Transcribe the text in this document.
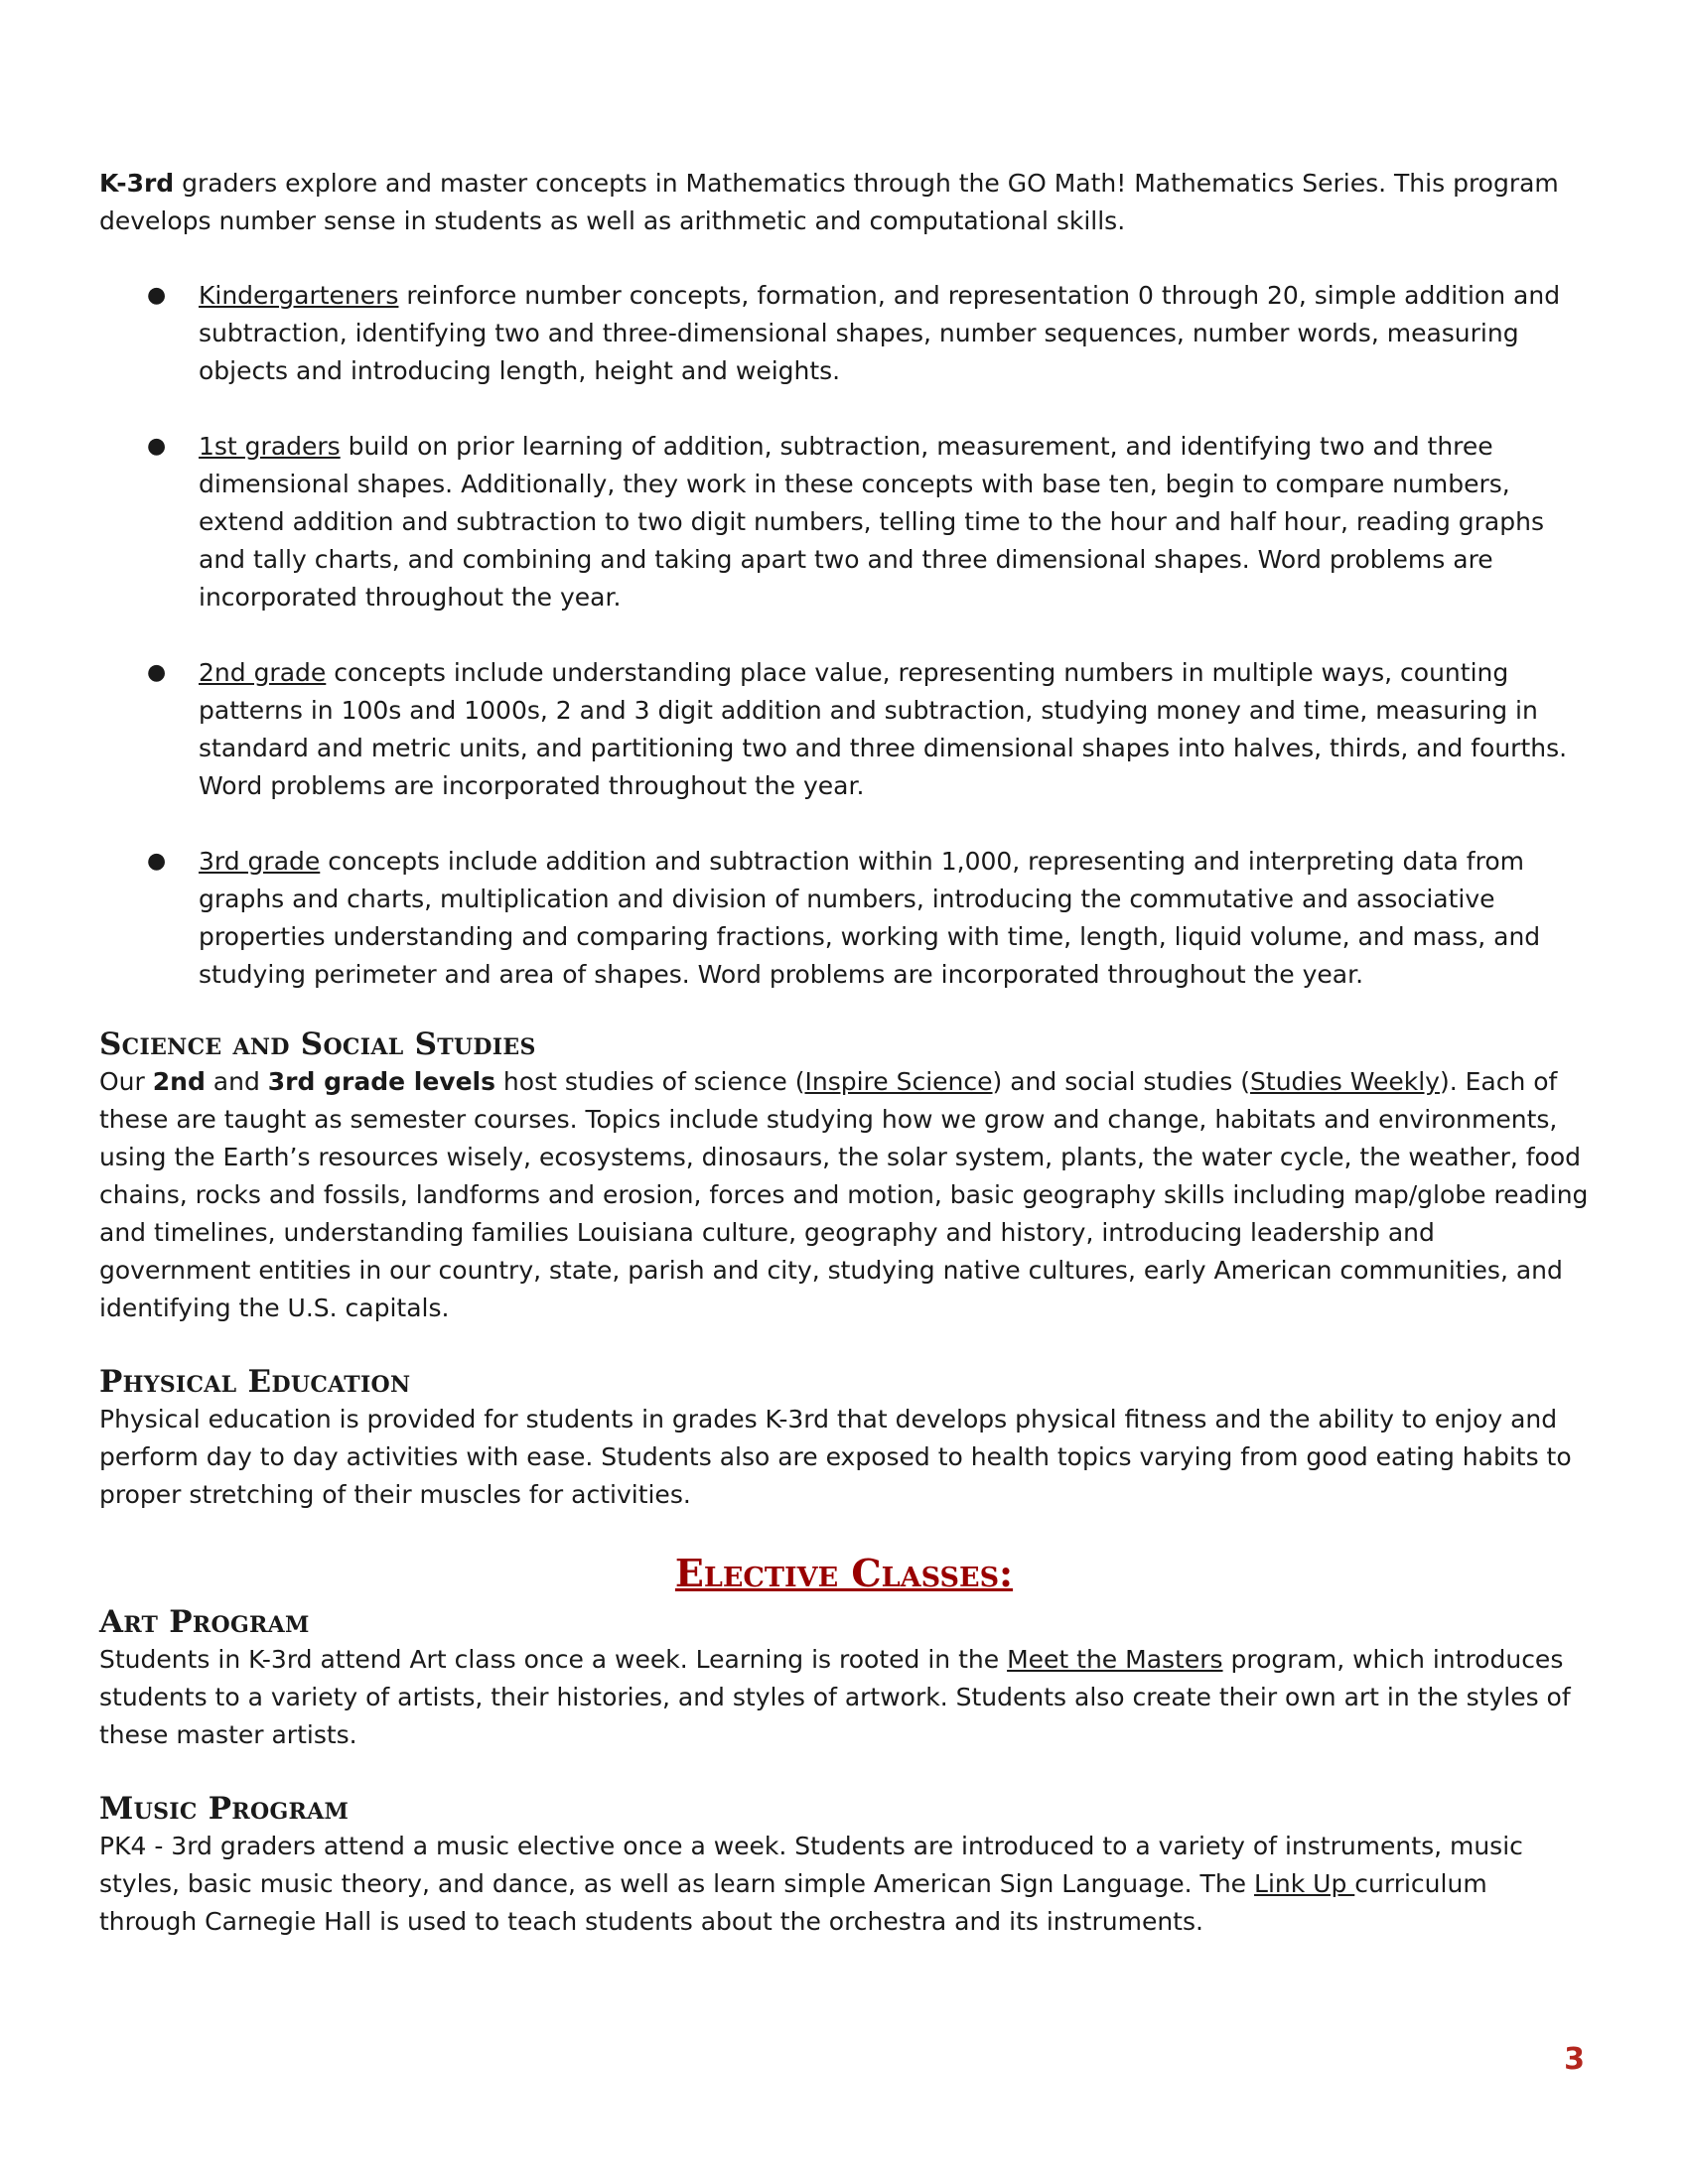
K-3rd graders explore and master concepts in Mathematics through the GO Math! Mathematics Series. This program develops number sense in students as well as arithmetic and computational skills.

● Kindergarteners reinforce number concepts, formation, and representation 0 through 20, simple addition and subtraction, identifying two and three-dimensional shapes, number sequences, number words, measuring objects and introducing length, height and weights.
● 1st graders build on prior learning of addition, subtraction, measurement, and identifying two and three dimensional shapes. Additionally, they work in these concepts with base ten, begin to compare numbers, extend addition and subtraction to two digit numbers, telling time to the hour and half hour, reading graphs and tally charts, and combining and taking apart two and three dimensional shapes. Word problems are incorporated throughout the year.
● 2nd grade concepts include understanding place value, representing numbers in multiple ways, counting patterns in 100s and 1000s, 2 and 3 digit addition and subtraction, studying money and time, measuring in standard and metric units, and partitioning two and three dimensional shapes into halves, thirds, and fourths. Word problems are incorporated throughout the year.
● 3rd grade concepts include addition and subtraction within 1,000, representing and interpreting data from graphs and charts, multiplication and division of numbers, introducing the commutative and associative properties understanding and comparing fractions, working with time, length, liquid volume, and mass, and studying perimeter and area of shapes. Word problems are incorporated throughout the year.
Science and Social Studies

Our 2nd and 3rd grade levels host studies of science (Inspire Science) and social studies (Studies Weekly). Each of these are taught as semester courses. Topics include studying how we grow and change, habitats and environments, using the Earth’s resources wisely, ecosystems, dinosaurs, the solar system, plants, the water cycle, the weather, food chains, rocks and fossils, landforms and erosion, forces and motion, basic geography skills including map/globe reading and timelines, understanding families Louisiana culture, geography and history, introducing leadership and government entities in our country, state, parish and city, studying native cultures, early American communities, and identifying the U.S. capitals.

Physical Education

Physical education is provided for students in grades K-3rd that develops physical fitness and the ability to enjoy and perform day to day activities with ease. Students also are exposed to health topics varying from good eating habits to proper stretching of their muscles for activities.

Elective Classes:
Art Program

Students in K-3rd attend Art class once a week. Learning is rooted in the Meet the Masters program, which introduces students to a variety of artists, their histories, and styles of artwork. Students also create their own art in the styles of these master artists.

Music Program

PK4 - 3rd graders attend a music elective once a week. Students are introduced to a variety of instruments, music styles, basic music theory, and dance, as well as learn simple American Sign Language. The Link Up curriculum through Carnegie Hall is used to teach students about the orchestra and its instruments.

3
